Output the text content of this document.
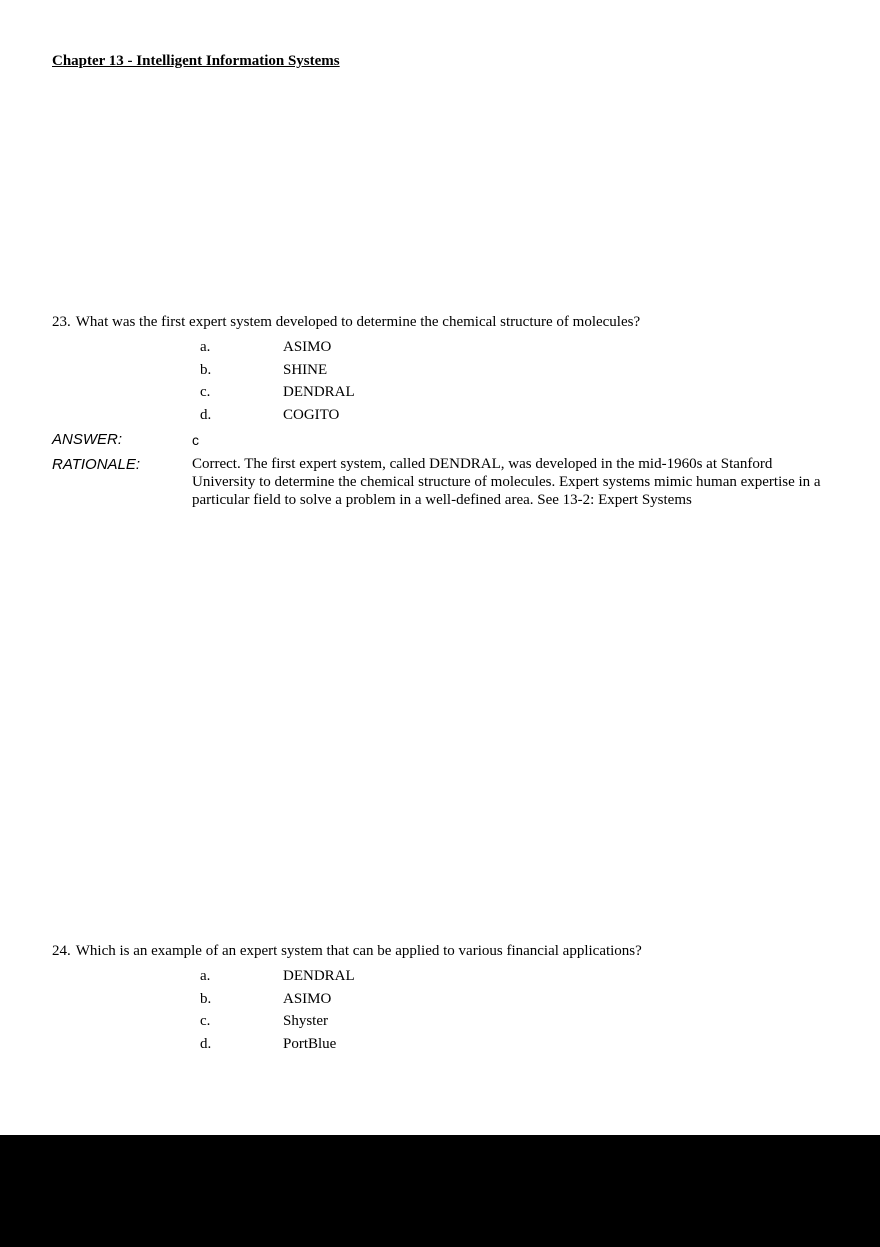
Chapter 13 - Intelligent Information Systems
23. What was the first expert system developed to determine the chemical structure of molecules?
a.	ASIMO
b.	SHINE
c.	DENDRAL
d.	COGITO
ANSWER:	c
RATIONALE:	Correct. The first expert system, called DENDRAL, was developed in the mid-1960s at Stanford University to determine the chemical structure of molecules. Expert systems mimic human expertise in a particular field to solve a problem in a well-defined area. See 13-2: Expert Systems
24. Which is an example of an expert system that can be applied to various financial applications?
a.	DENDRAL
b.	ASIMO
c.	Shyster
d.	PortBlue
